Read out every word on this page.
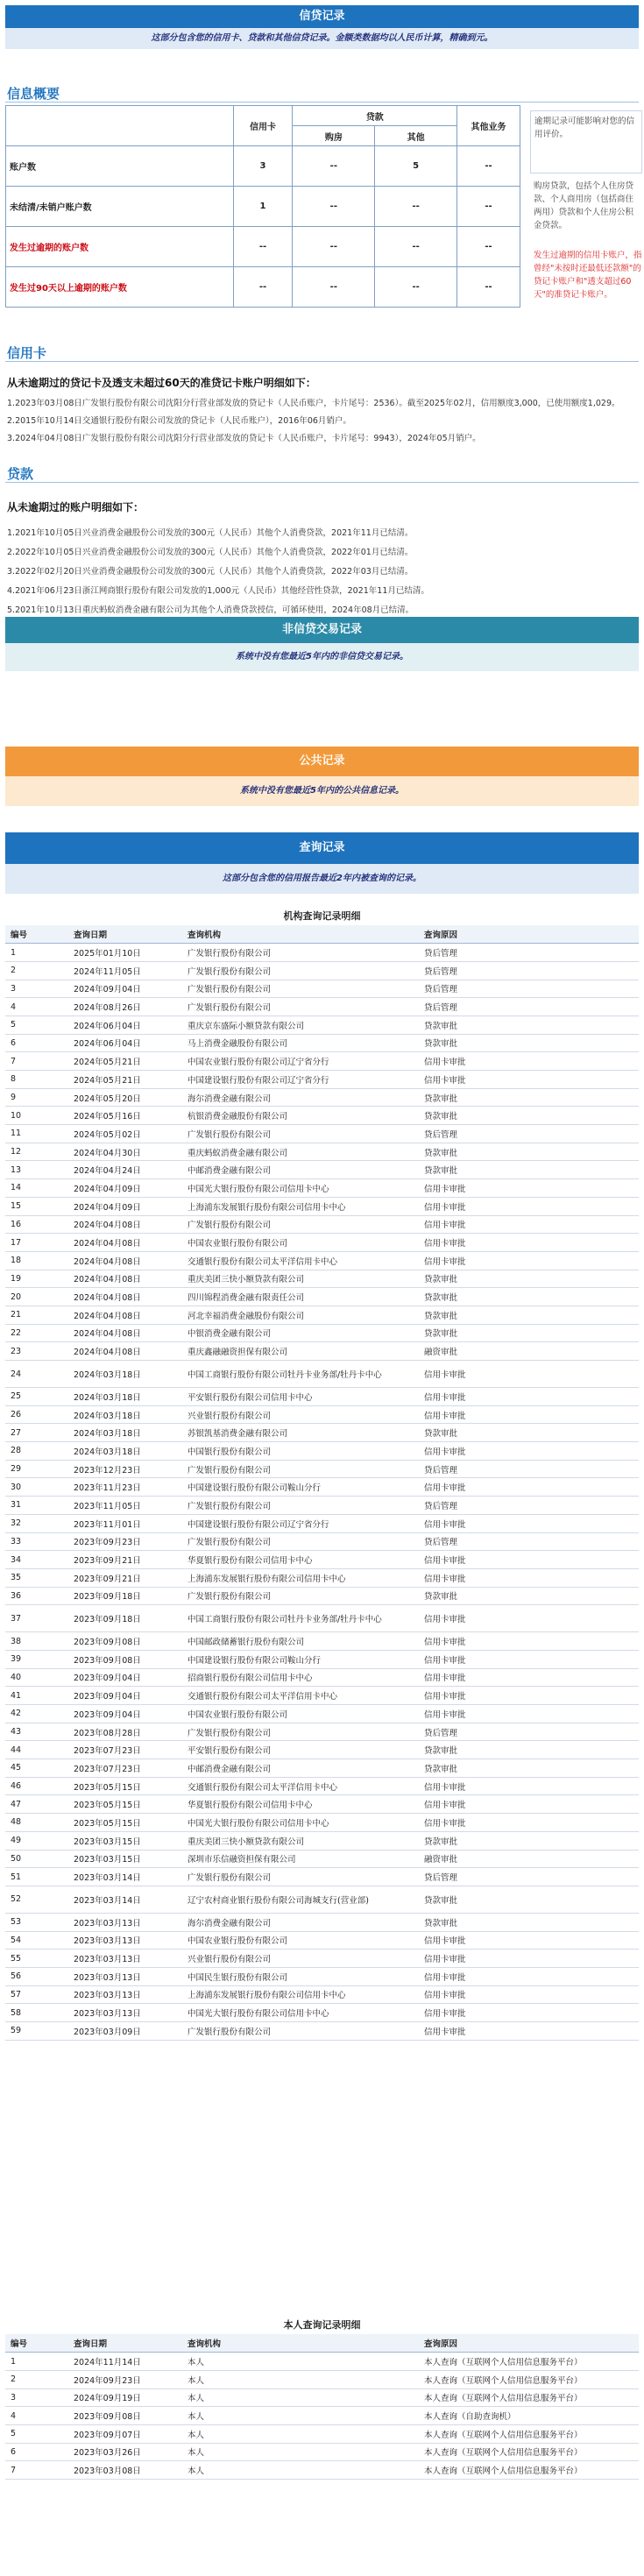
信贷记录
这部分包含您的信用卡、贷款和其他信贷记录。金额类数据均以人民币计算，精确到元。
信息概要
	信用卡	贷款		其他业务
		购房	其他	
账户数	3	--	5	--
未结清/未销户账户数	1	--	--	--
发生过逾期的账户数	--	--	--	--
发生过90天以上逾期的账户数	--	--	--	--
逾期记录可能影响对您的信用评价。
购房贷款，包括个人住房贷款、个人商用房（包括商住两用）贷款和个人住房公积金贷款。
发生过逾期的信用卡账户，指曾经"未按时还最低还款额"的贷记卡账户和"透支超过60天"的准贷记卡账户。
信用卡
从未逾期过的贷记卡及透支未超过60天的准贷记卡账户明细如下：
1.2023年03月08日广发银行股份有限公司沈阳分行营业部发放的贷记卡（人民币账户，卡片尾号：2536）。截至2025年02月，信用额度3,000，已使用额度1,029。
2.2015年10月14日交通银行股份有限公司发放的贷记卡（人民币账户），2016年06月销户。
3.2024年04月08日广发银行股份有限公司沈阳分行营业部发放的贷记卡（人民币账户，卡片尾号：9943），2024年05月销户。
贷款
从未逾期过的账户明细如下：
1.2021年10月05日兴业消费金融股份公司发放的300元（人民币）其他个人消费贷款，2021年11月已结清。
2.2022年10月05日兴业消费金融股份公司发放的300元（人民币）其他个人消费贷款，2022年01月已结清。
3.2022年02月20日兴业消费金融股份公司发放的300元（人民币）其他个人消费贷款，2022年03月已结清。
4.2021年06月23日浙江网商银行股份有限公司发放的1,000元（人民币）其他经营性贷款，2021年11月已结清。
5.2021年10月13日重庆蚂蚁消费金融有限公司为其他个人消费贷款授信，可循环使用，2024年08月已结清。
非信贷交易记录
系统中没有您最近5年内的非信贷交易记录。
公共记录
系统中没有您最近5年内的公共信息记录。
查询记录
这部分包含您的信用报告最近2年内被查询的记录。
机构查询记录明细
编号	查询日期	查询机构	查询原因
1	2025年01月10日	广发银行股份有限公司	贷后管理
2	2024年11月05日	广发银行股份有限公司	贷后管理
3	2024年09月04日	广发银行股份有限公司	贷后管理
4	2024年08月26日	广发银行股份有限公司	贷后管理
5	2024年06月04日	重庆京东盛际小额贷款有限公司	贷款审批
6	2024年06月04日	马上消费金融股份有限公司	贷款审批
7	2024年05月21日	中国农业银行股份有限公司辽宁省分行	信用卡审批
8	2024年05月21日	中国建设银行股份有限公司辽宁省分行	信用卡审批
9	2024年05月20日	海尔消费金融有限公司	贷款审批
10	2024年05月16日	杭银消费金融股份有限公司	贷款审批
11	2024年05月02日	广发银行股份有限公司	贷后管理
12	2024年04月30日	重庆蚂蚁消费金融有限公司	贷款审批
13	2024年04月24日	中邮消费金融有限公司	贷款审批
14	2024年04月09日	中国光大银行股份有限公司信用卡中心	信用卡审批
15	2024年04月09日	上海浦东发展银行股份有限公司信用卡中心	信用卡审批
16	2024年04月08日	广发银行股份有限公司	信用卡审批
17	2024年04月08日	中国农业银行股份有限公司	信用卡审批
18	2024年04月08日	交通银行股份有限公司太平洋信用卡中心	信用卡审批
19	2024年04月08日	重庆美团三快小额贷款有限公司	贷款审批
20	2024年04月08日	四川锦程消费金融有限责任公司	贷款审批
21	2024年04月08日	河北幸福消费金融股份有限公司	贷款审批
22	2024年04月08日	中银消费金融有限公司	贷款审批
23	2024年04月08日	重庆鑫融融资担保有限公司	融资审批
24	2024年03月18日	中国工商银行股份有限公司牡丹卡业务部/牡丹卡中心	信用卡审批
25	2024年03月18日	平安银行股份有限公司信用卡中心	信用卡审批
26	2024年03月18日	兴业银行股份有限公司	信用卡审批
27	2024年03月18日	苏银凯基消费金融有限公司	贷款审批
28	2024年03月18日	中国银行股份有限公司	信用卡审批
29	2023年12月23日	广发银行股份有限公司	贷后管理
30	2023年11月23日	中国建设银行股份有限公司鞍山分行	信用卡审批
31	2023年11月05日	广发银行股份有限公司	贷后管理
32	2023年11月01日	中国建设银行股份有限公司辽宁省分行	信用卡审批
33	2023年09月23日	广发银行股份有限公司	贷后管理
34	2023年09月21日	华夏银行股份有限公司信用卡中心	信用卡审批
35	2023年09月21日	上海浦东发展银行股份有限公司信用卡中心	信用卡审批
36	2023年09月18日	广发银行股份有限公司	贷款审批
37	2023年09月18日	中国工商银行股份有限公司牡丹卡业务部/牡丹卡中心	信用卡审批
38	2023年09月08日	中国邮政储蓄银行股份有限公司	信用卡审批
39	2023年09月08日	中国建设银行股份有限公司鞍山分行	信用卡审批
40	2023年09月04日	招商银行股份有限公司信用卡中心	信用卡审批
41	2023年09月04日	交通银行股份有限公司太平洋信用卡中心	信用卡审批
42	2023年09月04日	中国农业银行股份有限公司	信用卡审批
43	2023年08月28日	广发银行股份有限公司	贷后管理
44	2023年07月23日	平安银行股份有限公司	贷款审批
45	2023年07月23日	中邮消费金融有限公司	贷款审批
46	2023年05月15日	交通银行股份有限公司太平洋信用卡中心	信用卡审批
47	2023年05月15日	华夏银行股份有限公司信用卡中心	信用卡审批
48	2023年05月15日	中国光大银行股份有限公司信用卡中心	信用卡审批
49	2023年03月15日	重庆美团三快小额贷款有限公司	贷款审批
50	2023年03月15日	深圳市乐信融资担保有限公司	融资审批
51	2023年03月14日	广发银行股份有限公司	贷后管理
52	2023年03月14日	辽宁农村商业银行股份有限公司海城支行(营业部)	贷款审批
53	2023年03月13日	海尔消费金融有限公司	贷款审批
54	2023年03月13日	中国农业银行股份有限公司	信用卡审批
55	2023年03月13日	兴业银行股份有限公司	信用卡审批
56	2023年03月13日	中国民生银行股份有限公司	信用卡审批
57	2023年03月13日	上海浦东发展银行股份有限公司信用卡中心	信用卡审批
58	2023年03月13日	中国光大银行股份有限公司信用卡中心	信用卡审批
59	2023年03月09日	广发银行股份有限公司	信用卡审批
本人查询记录明细
编号	查询日期	查询机构	查询原因
1	2024年11月14日	本人	本人查询（互联网个人信用信息服务平台）
2	2024年09月23日	本人	本人查询（互联网个人信用信息服务平台）
3	2024年09月19日	本人	本人查询（互联网个人信用信息服务平台）
4	2023年09月08日	本人	本人查询（自助查询机）
5	2023年09月07日	本人	本人查询（互联网个人信用信息服务平台）
6	2023年03月26日	本人	本人查询（互联网个人信用信息服务平台）
7	2023年03月08日	本人	本人查询（互联网个人信用信息服务平台）
